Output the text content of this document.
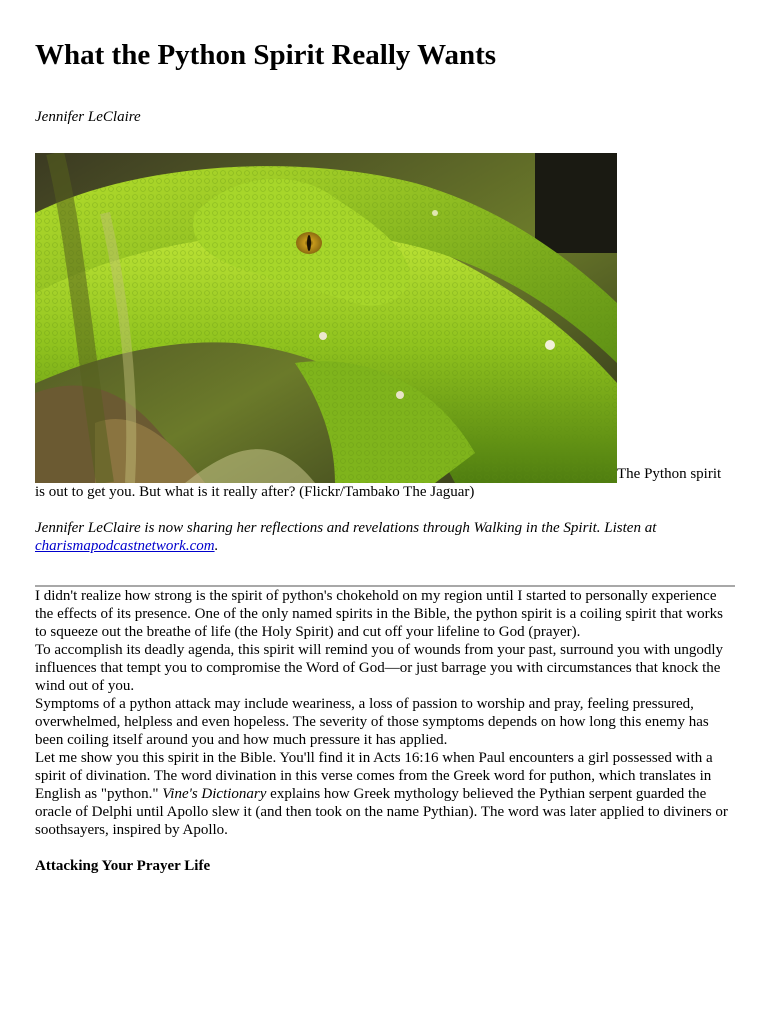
What the Python Spirit Really Wants
Jennifer LeClaire
The Python spirit
is out to get you. But what is it really after? (Flickr/Tambako The Jaguar)
Jennifer LeClaire is now sharing her reflections and revelations through Walking in the Spirit. Listen at
charismapodcastnetwork.com.

I didn't realize how strong is the spirit of python's chokehold on my region until I started to personally experience the effects of its presence. One of the only named spirits in the Bible, the python spirit is a coiling spirit that works to squeeze out the breathe of life (the Holy Spirit) and cut off your lifeline to God (prayer).

To accomplish its deadly agenda, this spirit will remind you of wounds from your past, surround you with ungodly influences that tempt you to compromise the Word of God—or just barrage you with circumstances that knock the wind out of you.

Symptoms of a python attack may include weariness, a loss of passion to worship and pray, feeling pressured, overwhelmed, helpless and even hopeless. The severity of those symptoms depends on how long this enemy has been coiling itself around you and how much pressure it has applied.

Let me show you this spirit in the Bible. You'll find it in Acts 16:16 when Paul encounters a girl possessed with a spirit of divination. The word divination in this verse comes from the Greek word for puthon, which translates in English as "python." Vine's Dictionary explains how Greek mythology believed the Pythian serpent guarded the oracle of Delphi until Apollo slew it (and then took on the name Pythian). The word was later applied to diviners or soothsayers, inspired by Apollo.

Attacking Your Prayer Life
